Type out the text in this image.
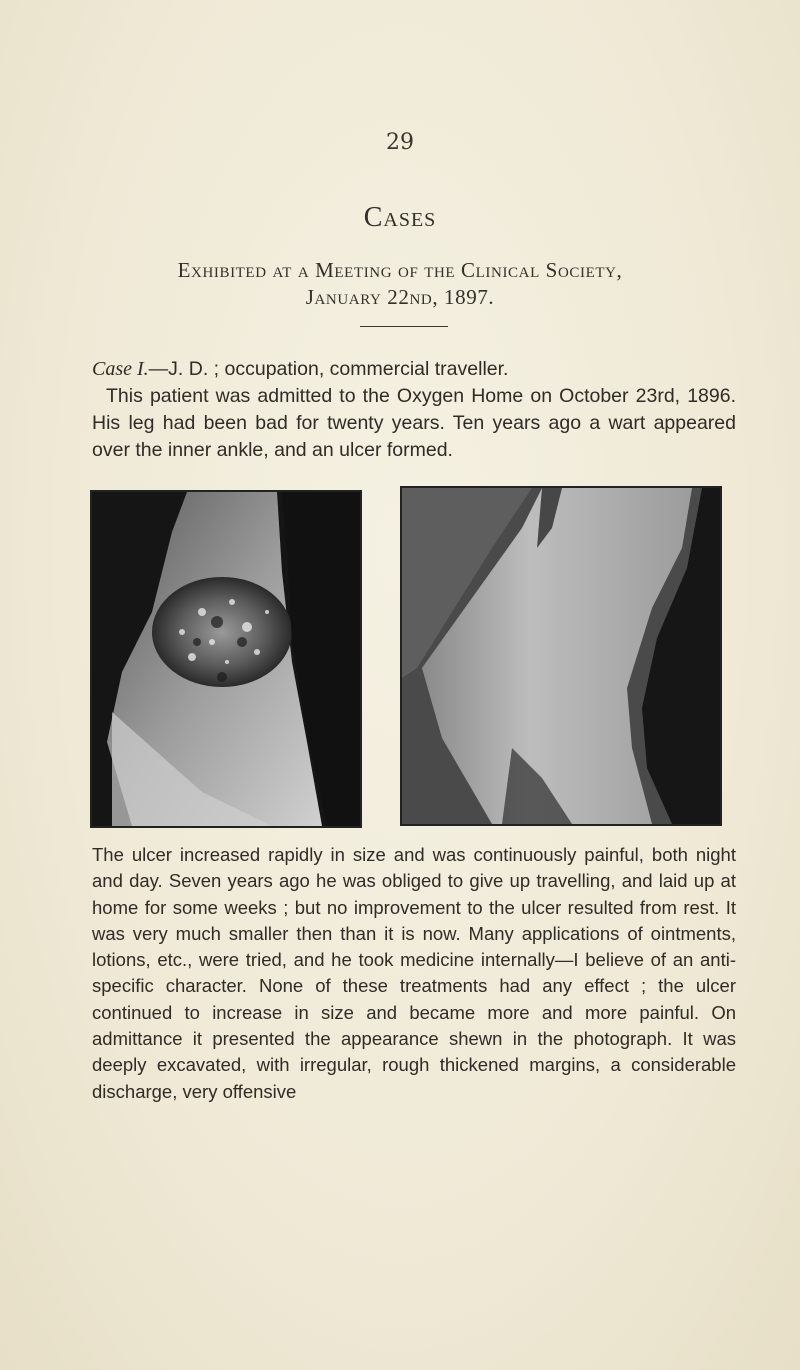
29
Cases
Exhibited at a Meeting of the Clinical Society,
January 22nd, 1897.

Case I.—J. D. ; occupation, commercial traveller.

This patient was admitted to the Oxygen Home on October 23rd, 1896. His leg had been bad for twenty years. Ten years ago a wart appeared over the inner ankle, and an ulcer formed.

The ulcer increased rapidly in size and was continuously painful, both night and day. Seven years ago he was obliged to give up travelling, and laid up at home for some weeks ; but no improvement to the ulcer resulted from rest. It was very much smaller then than it is now. Many applications of ointments, lotions, etc., were tried, and he took medicine internally—I believe of an anti-specific character. None of these treatments had any effect ; the ulcer continued to increase in size and became more and more painful. On admittance it presented the appearance shewn in the photograph. It was deeply excavated, with irregular, rough thickened margins, a considerable discharge, very offensive
